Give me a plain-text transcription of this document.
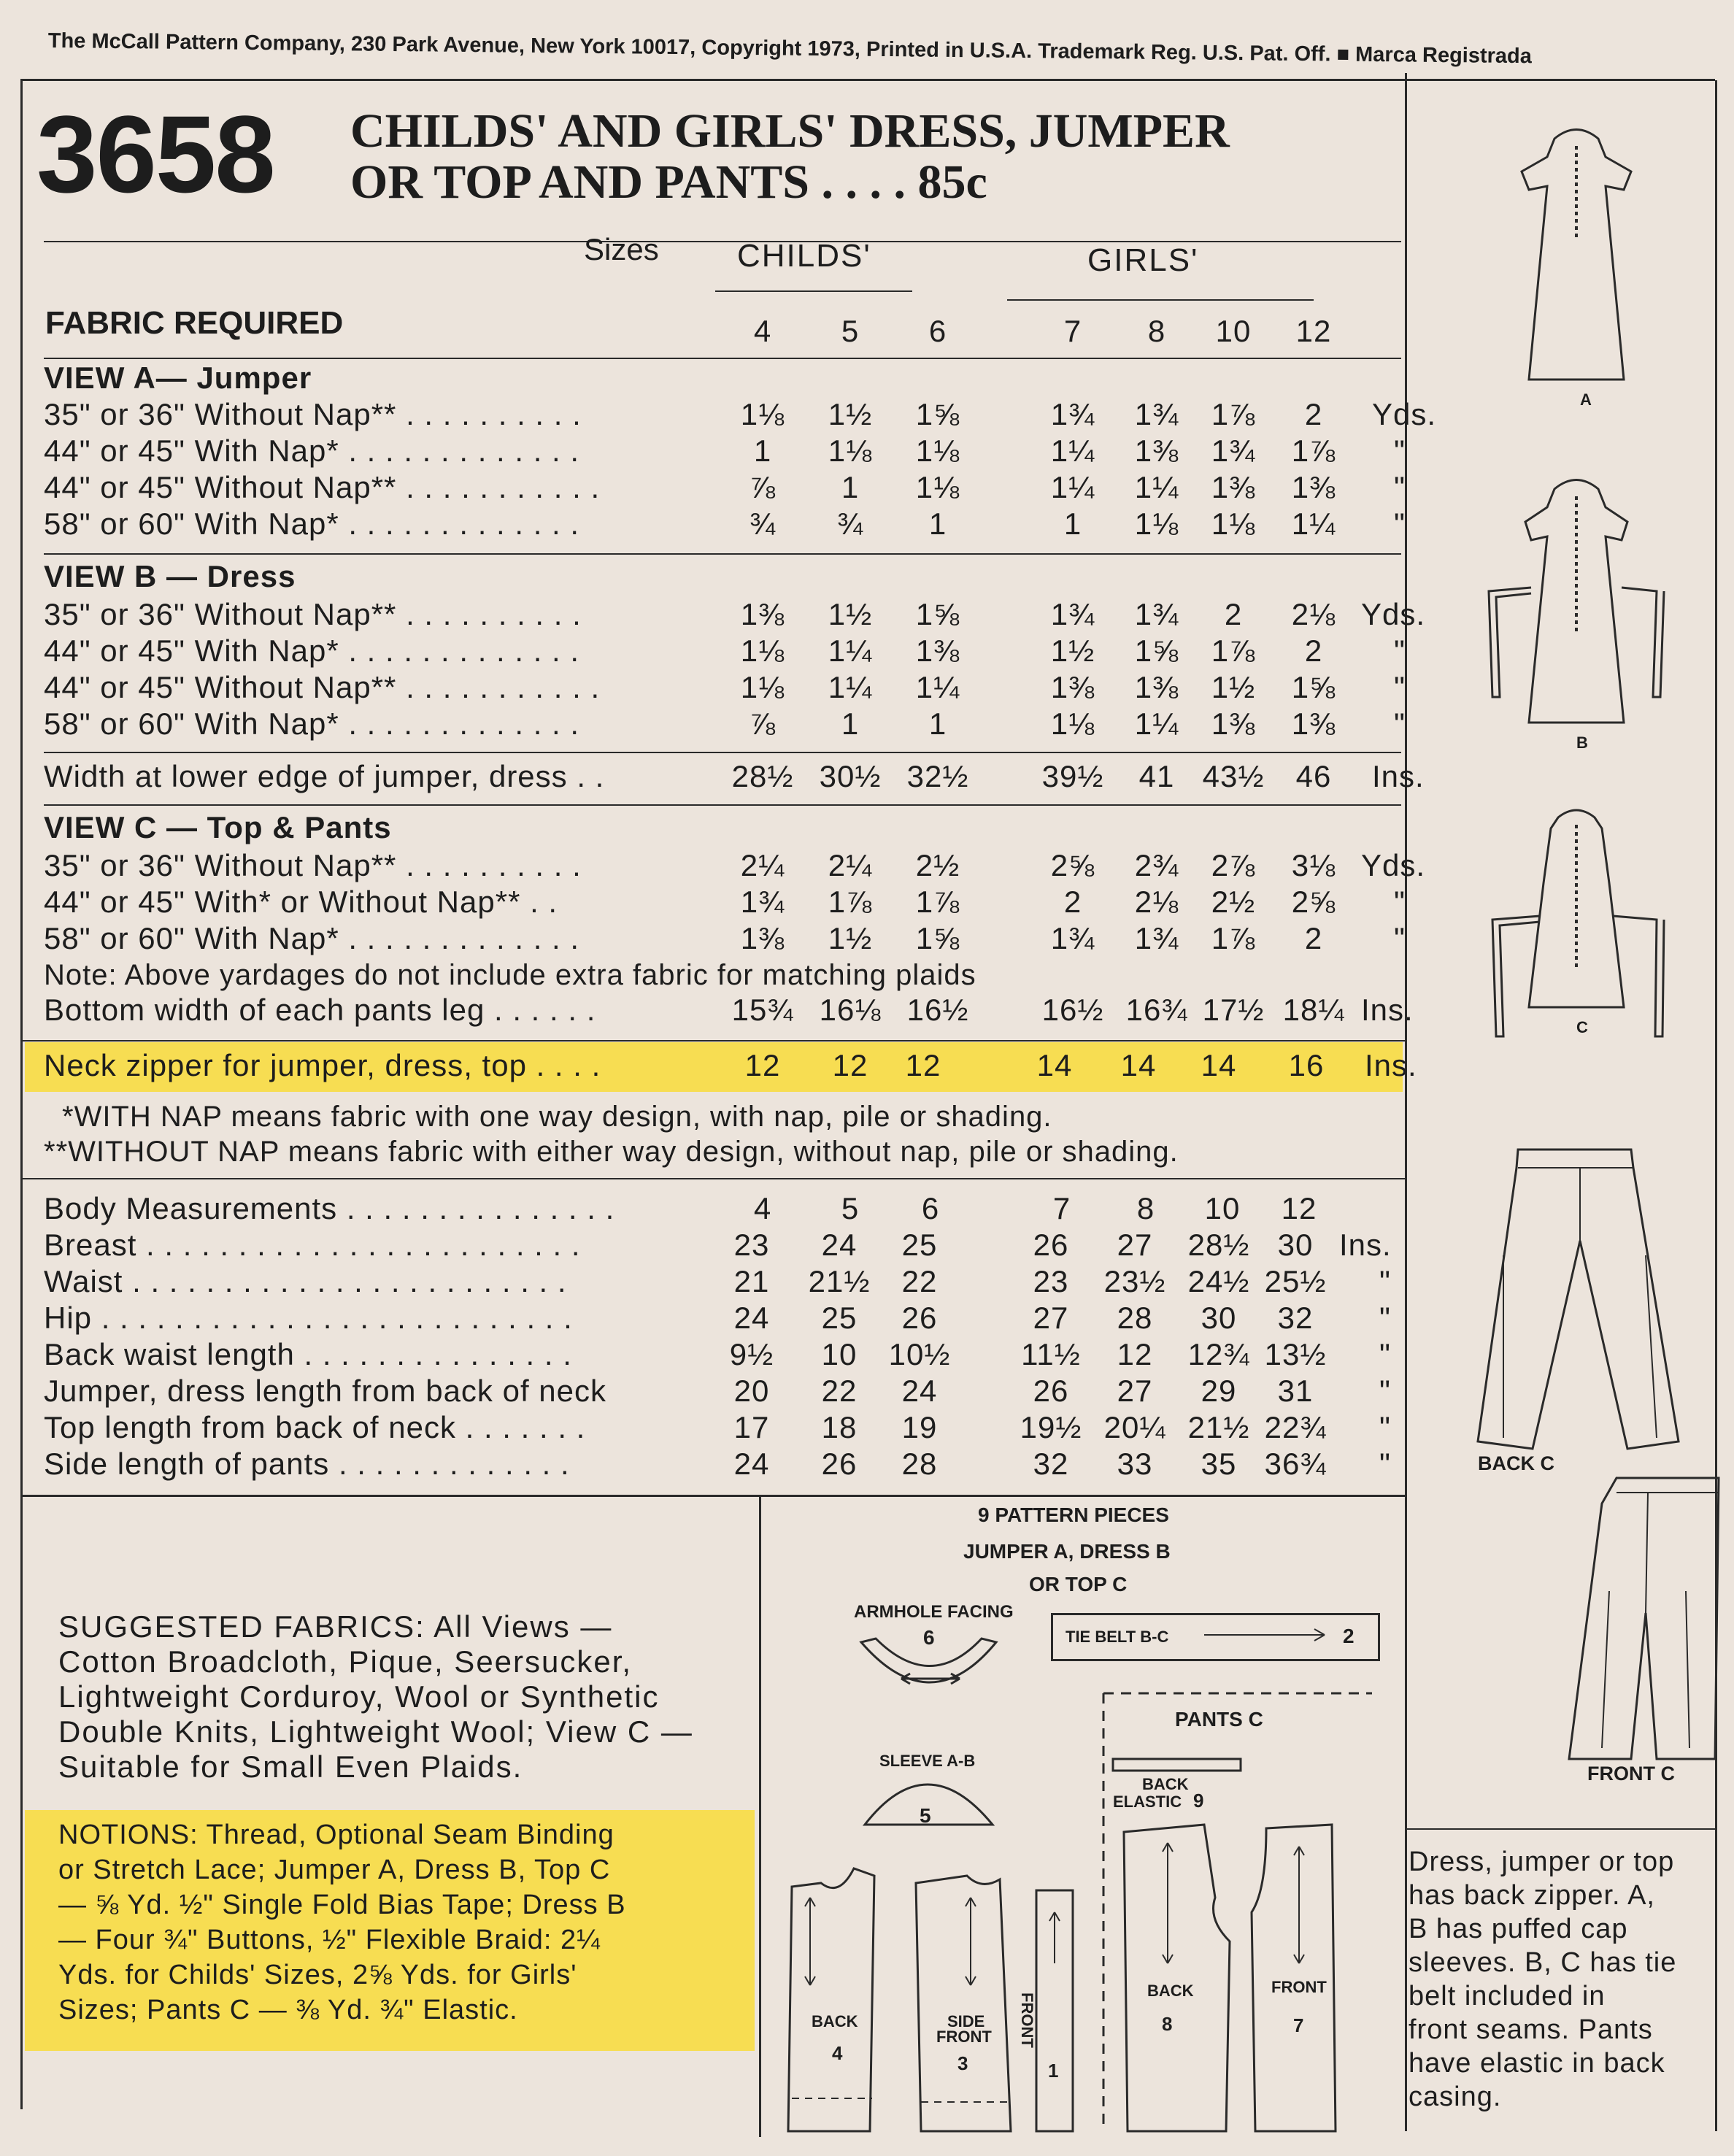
The McCall Pattern Company, 230 Park Avenue, New York 10017, Copyright 1973, Printed in U.S.A. Trademark Reg. U.S. Pat. Off. ■ Marca Registrada
3658 CHILDS' AND GIRLS' DRESS, JUMPER
OR TOP AND PANTS . . . . 85c
Sizes CHILDS'	GIRLS'
FABRIC REQUIRED	4	5	6	7	8	10	12
VIEW A— Jumper
35" or 36" Without Nap** . . . . . . . . . .	1⅛	1½	1⅝	1¾	1¾	1⅞	2	Yds.
44" or 45" With Nap* . . . . . . . . . . . . .	1	1⅛	1⅛	1¼	1⅜	1¾	1⅞	"
44" or 45" Without Nap** . . . . . . . . . . .	⅞	1	1⅛	1¼	1¼	1⅜	1⅜	"
58" or 60" With Nap* . . . . . . . . . . . . .	¾	¾	1	1	1⅛	1⅛	1¼	"
VIEW B — Dress
35" or 36" Without Nap** . . . . . . . . . .	1⅜	1½	1⅝	1¾	1¾	2	2⅛ Yds.
44" or 45" With Nap* . . . . . . . . . . . . .	1⅛	1¼	1⅜	1½	1⅝	1⅞	2	"
44" or 45" Without Nap** . . . . . . . . . . .	1⅛	1¼	1¼	1⅜	1⅜	1½	1⅝	"
58" or 60" With Nap* . . . . . . . . . . . . .	⅞	1	1	1⅛	1¼	1⅜	1⅜	"
Width at lower edge of jumper, dress . .	28½ 30½ 32½	39½	41 43½	46	Ins.
VIEW C — Top & Pants
35" or 36" Without Nap** . . . . . . . . . .	2¼	2¼	2½	2⅝	2¾	2⅞	3⅛ Yds.
44" or 45" With* or Without Nap** . .	1¾	1⅞	1⅞	2	2⅛	2½	2⅝	"
58" or 60" With Nap* . . . . . . . . . . . . .	1⅜	1½	1⅝	1¾	1¾	1⅞	2	"
Note: Above yardages do not include extra fabric for matching plaids
Bottom width of each pants leg . . . . . .	15¾ 16⅛ 16½	16½ 16¾ 17½ 18¼ Ins.
Neck zipper for jumper, dress, top . . . .	12	12	12	14	14	14	16	Ins.
*WITH NAP means fabric with one way design, with nap, pile or shading.
**WITHOUT NAP means fabric with either way design, without nap, pile or shading.
Body Measurements . . . . . . . . . . . . . . .	4	5	6	7	8	10	12
Breast . . . . . . . . . . . . . . . . . . . . . . . .	23	24	25	26	27	28½ 30 Ins.
Waist . . . . . . . . . . . . . . . . . . . . . . . .	21	21½	22	23	23½ 24½ 25½	"
Hip . . . . . . . . . . . . . . . . . . . . . . . . . .	24	25	26	27	28	30	32	"
Back waist length . . . . . . . . . . . . . . .	9½	10	10½	11½	12	12¾ 13½	"
Jumper, dress length from back of neck	20	22	24	26	27	29	31	"
Top length from back of neck . . . . . . .	17	18	19	19½ 20¼ 21½ 22¾	"
Side length of pants . . . . . . . . . . . . .	24	26	28	32	33	35 36¾	"
SUGGESTED FABRICS: All Views —
Cotton Broadcloth, Pique, Seersucker,
Lightweight Corduroy, Wool or Synthetic
Double Knits, Lightweight Wool; View C —
Suitable for Small Even Plaids.
NOTIONS: Thread, Optional Seam Binding
or Stretch Lace; Jumper A, Dress B, Top C
— ⅝ Yd. ½" Single Fold Bias Tape; Dress B
— Four ¾" Buttons, ½" Flexible Braid: 2¼
Yds. for Childs' Sizes, 2⅝ Yds. for Girls'
Sizes; Pants C — ⅜ Yd. ¾" Elastic.
9 PATTERN PIECES
JUMPER A, DRESS B
OR TOP C
ARMHOLE FACING
6	TIE BELT B-C	2
SLEEVE A-B
5
PANTS C
BACK
ELASTIC 9
BACK
4
SIDE
FRONT
3
FRONT
1
BACK
8
FRONT
7
A
B
C
BACK C
FRONT C
Dress, jumper or top
has back zipper. A,
B has puffed cap
sleeves. B, C has tie
belt included in
front seams. Pants
have elastic in back
casing.
